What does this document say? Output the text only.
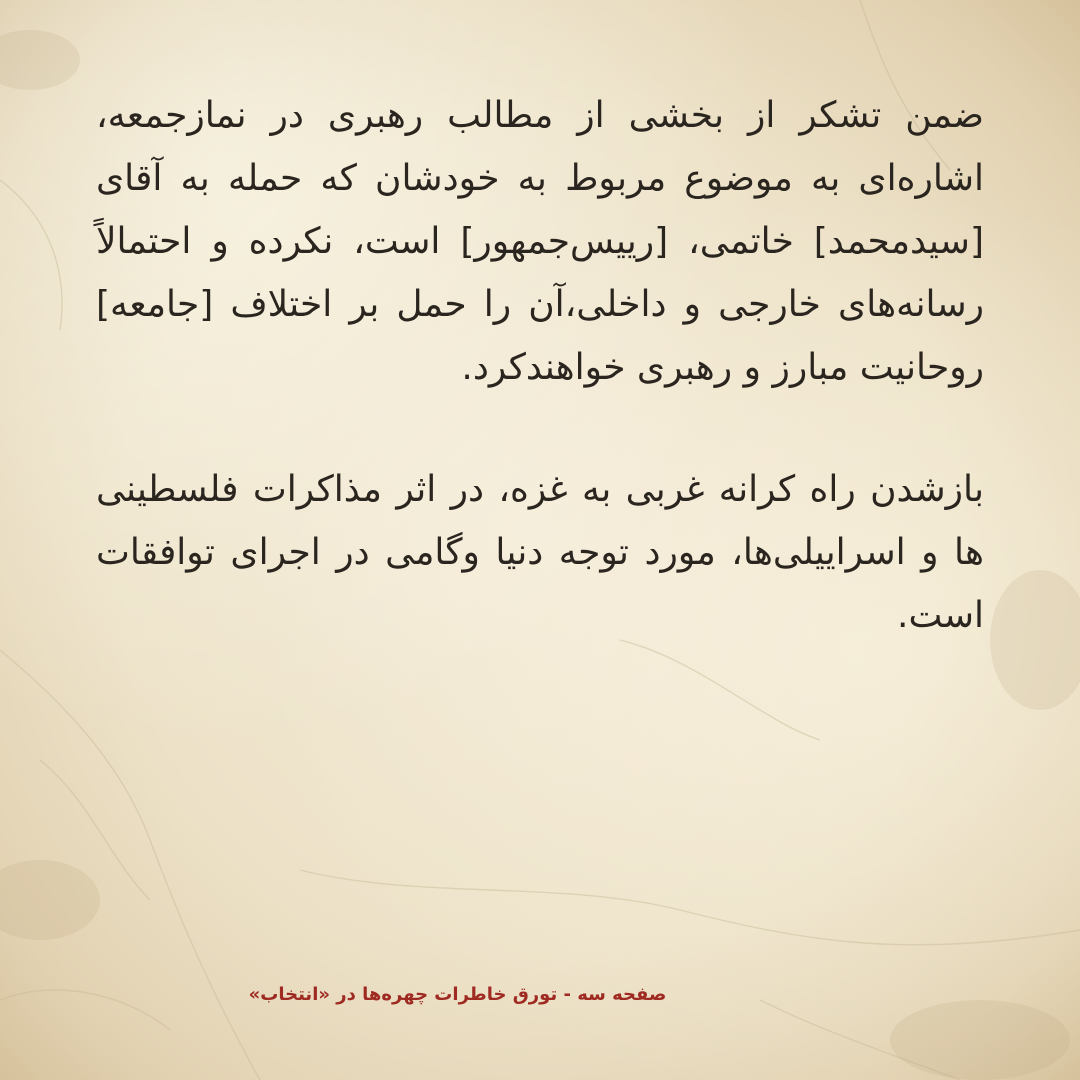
ضمن تشکر از بخشی از مطالب رهبری در نمازجمعه، اشاره‌ای به موضوع مربوط به خودشان که حمله به آقای [سیدمحمد] خاتمی، [رییس‌جمهور] است، نکرده و احتمالاً رسانه‌های خارجی و داخلی،آن را حمل بر اختلاف [جامعه] روحانیت مبارز و رهبری خواهندکرد.

بازشدن راه کرانه غربی به غزه، در اثر مذاکرات فلسطینی ها و اسراییلی‌ها، مورد توجه دنیا وگامی در اجرای توافقات است.

صفحه سه - تورق خاطرات چهره‌ها در «انتخاب»
